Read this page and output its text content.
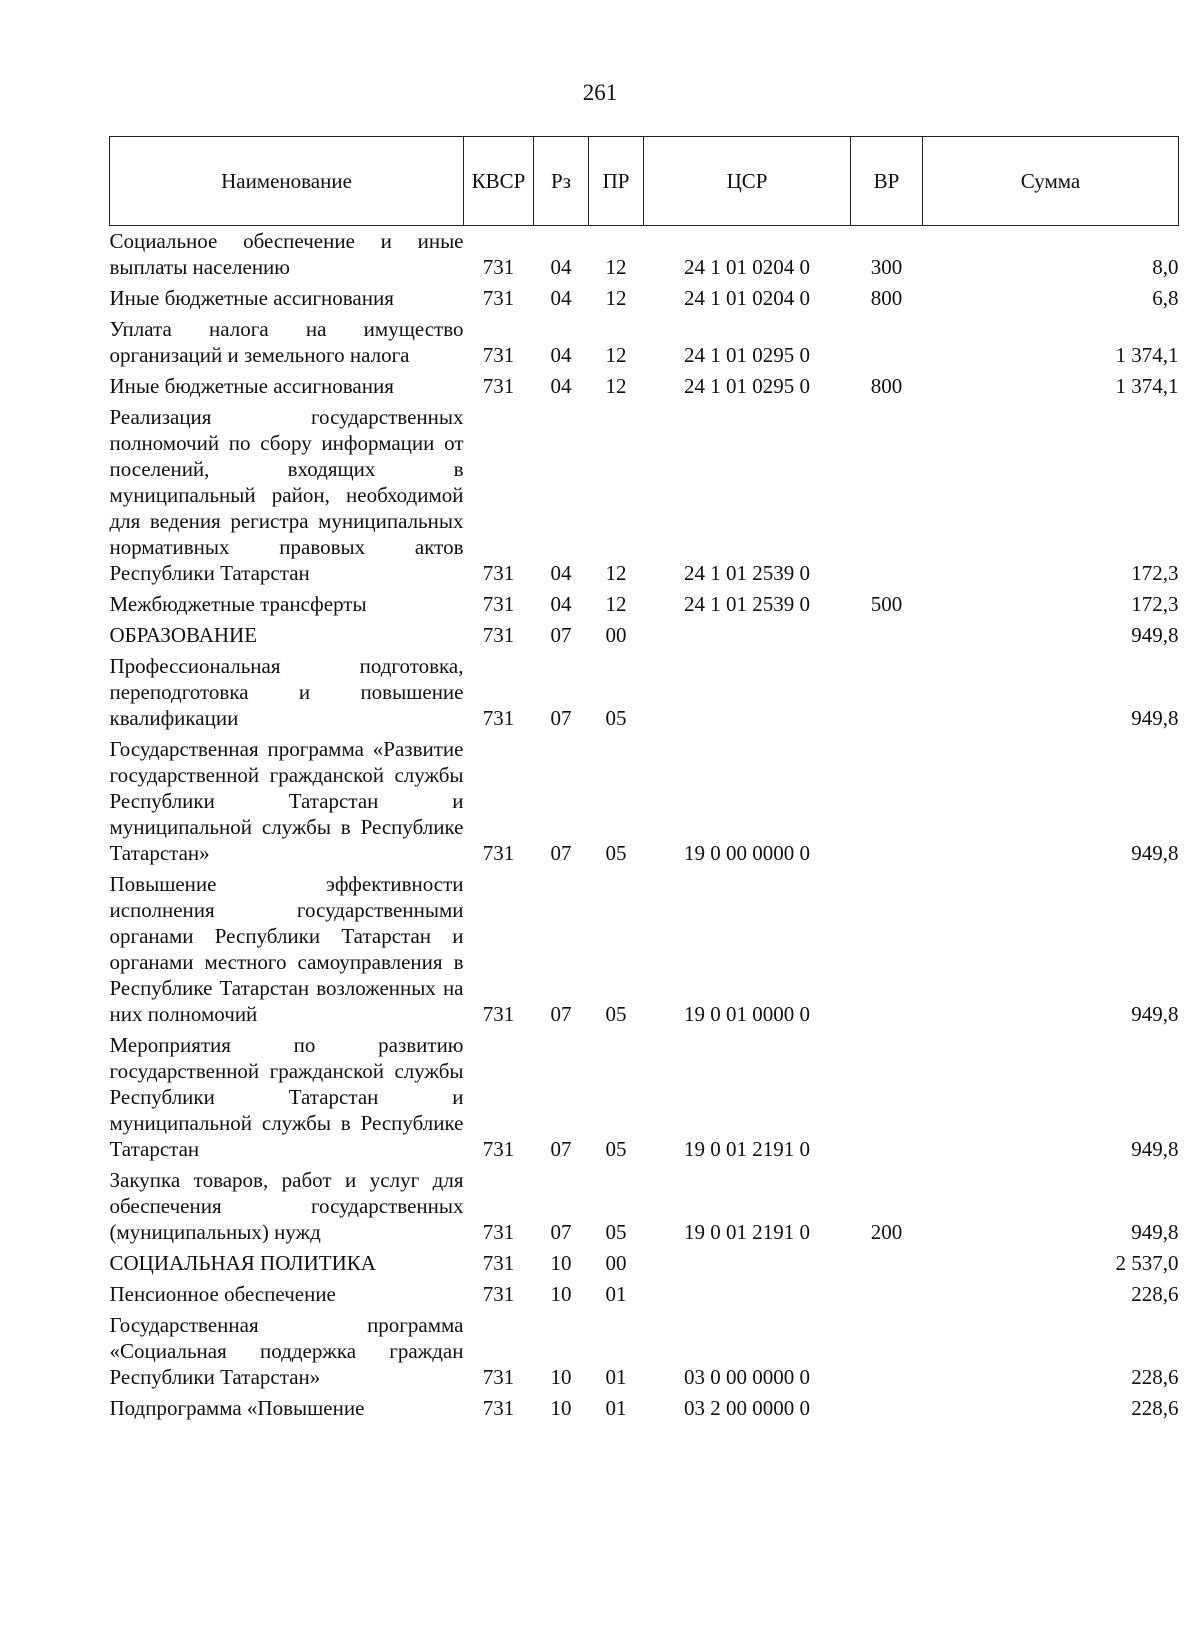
261
Наименование	КВСР	Рз	ПР	ЦСР	ВР	Сумма
Социальное обеспечение и иные выплаты населению	731	04	12	24 1 01 0204 0	300	8,0
Иные бюджетные ассигнования	731	04	12	24 1 01 0204 0	800	6,8
Уплата налога на имущество организаций и земельного налога	731	04	12	24 1 01 0295 0		1 374,1
Иные бюджетные ассигнования	731	04	12	24 1 01 0295 0	800	1 374,1
Реализация государственных полномочий по сбору информации от поселений, входящих в муниципальный район, необходимой для ведения регистра муниципальных нормативных правовых актов Республики Татарстан	731	04	12	24 1 01 2539 0		172,3
Межбюджетные трансферты	731	04	12	24 1 01 2539 0	500	172,3
ОБРАЗОВАНИЕ	731	07	00			949,8
Профессиональная подготовка, переподготовка и повышение квалификации	731	07	05			949,8
Государственная программа «Развитие государственной гражданской службы Республики Татарстан и муниципальной службы в Республике Татарстан»	731	07	05	19 0 00 0000 0		949,8
Повышение эффективности исполнения государственными органами Республики Татарстан и органами местного самоуправления в Республике Татарстан возложенных на них полномочий	731	07	05	19 0 01 0000 0		949,8
Мероприятия по развитию государственной гражданской службы Республики Татарстан и муниципальной службы в Республике Татарстан	731	07	05	19 0 01 2191 0		949,8
Закупка товаров, работ и услуг для обеспечения государственных (муниципальных) нужд	731	07	05	19 0 01 2191 0	200	949,8
СОЦИАЛЬНАЯ ПОЛИТИКА	731	10	00			2 537,0
Пенсионное обеспечение	731	10	01			228,6
Государственная программа «Социальная поддержка граждан Республики Татарстан»	731	10	01	03 0 00 0000 0		228,6
Подпрограмма «Повышение	731	10	01	03 2 00 0000 0		228,6
